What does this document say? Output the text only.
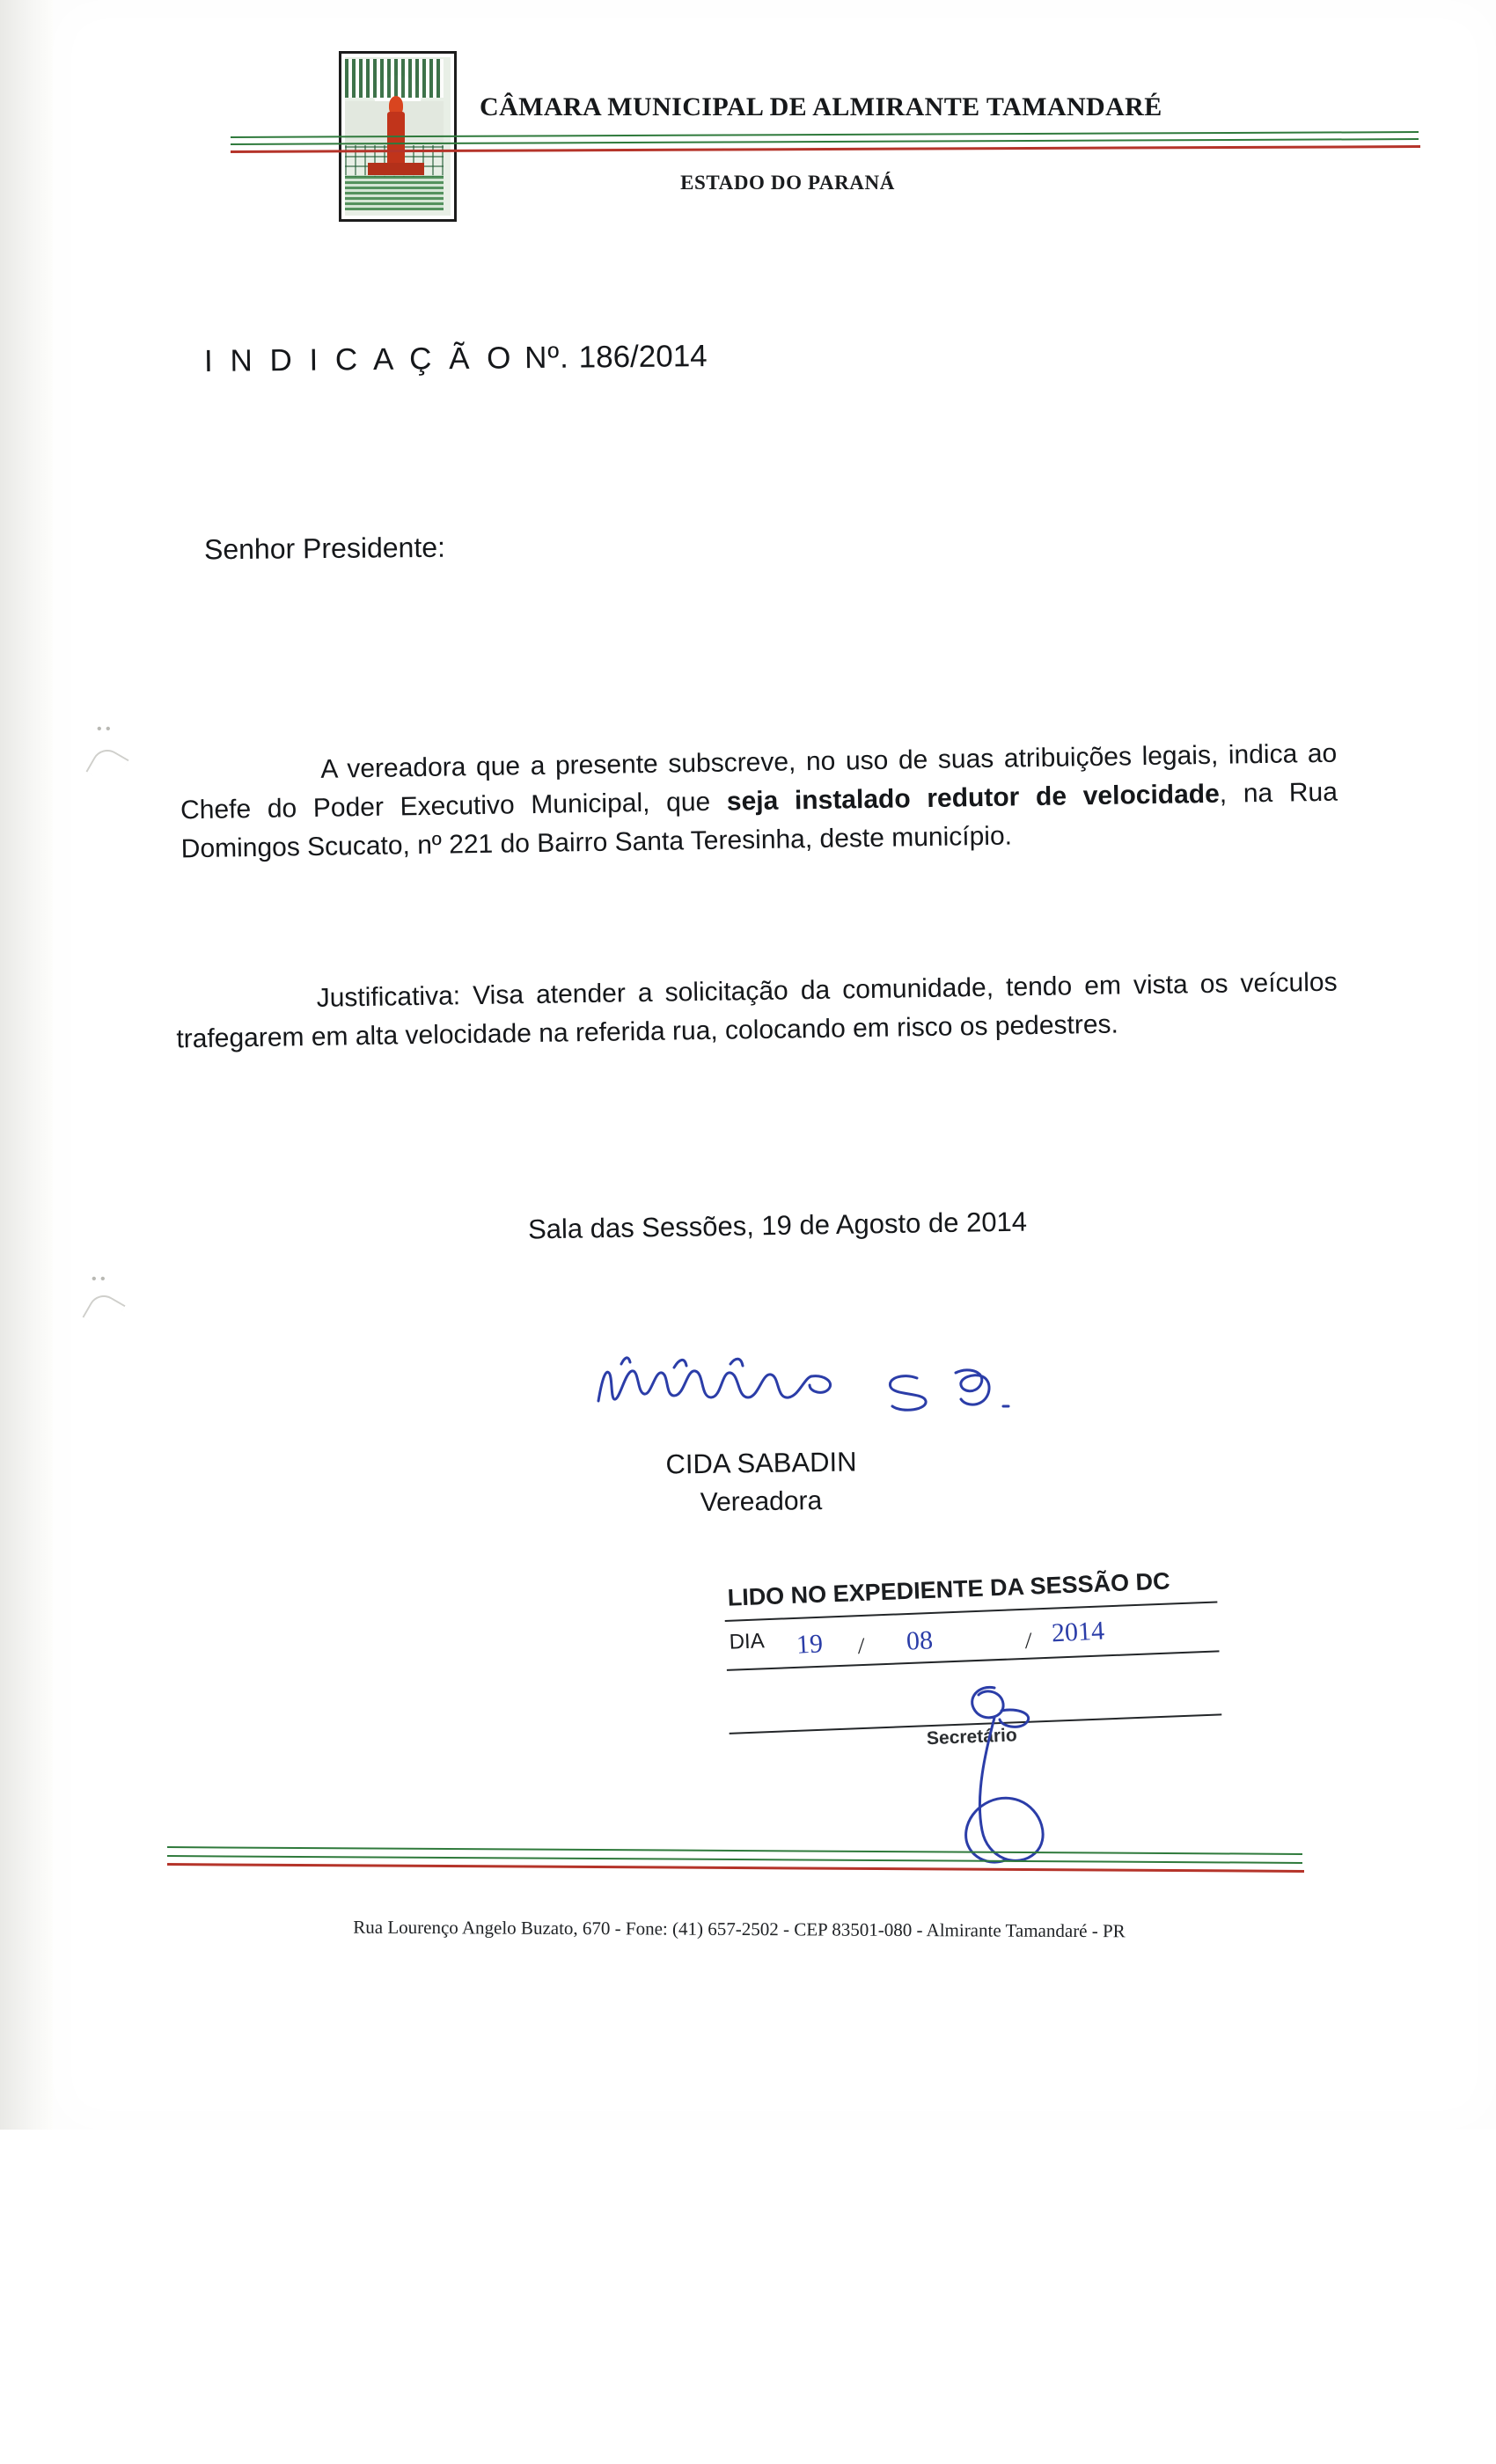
CÂMARA MUNICIPAL DE ALMIRANTE TAMANDARÉ
ESTADO DO PARANÁ
• •
• •
I N D I C A Ç Ã O Nº. 186/2014
Senhor Presidente:
A vereadora que a presente subscreve, no uso de suas atribuições legais, indica ao Chefe do Poder Executivo Municipal, que seja instalado redutor de velocidade, na Rua Domingos Scucato, nº 221 do Bairro Santa Teresinha, deste município.
Justificativa: Visa atender a solicitação da comunidade, tendo em vista os veículos trafegarem em alta velocidade na referida rua, colocando em risco os pedestres.
Sala das Sessões, 19 de Agosto de 2014
CIDA SABADIN
Vereadora
LIDO NO EXPEDIENTE DA SESSÃO DC
DIA
Secretário
19 / 08	/ 2014
Rua Lourenço Angelo Buzato, 670 - Fone: (41) 657-2502 - CEP 83501-080 - Almirante Tamandaré - PR
